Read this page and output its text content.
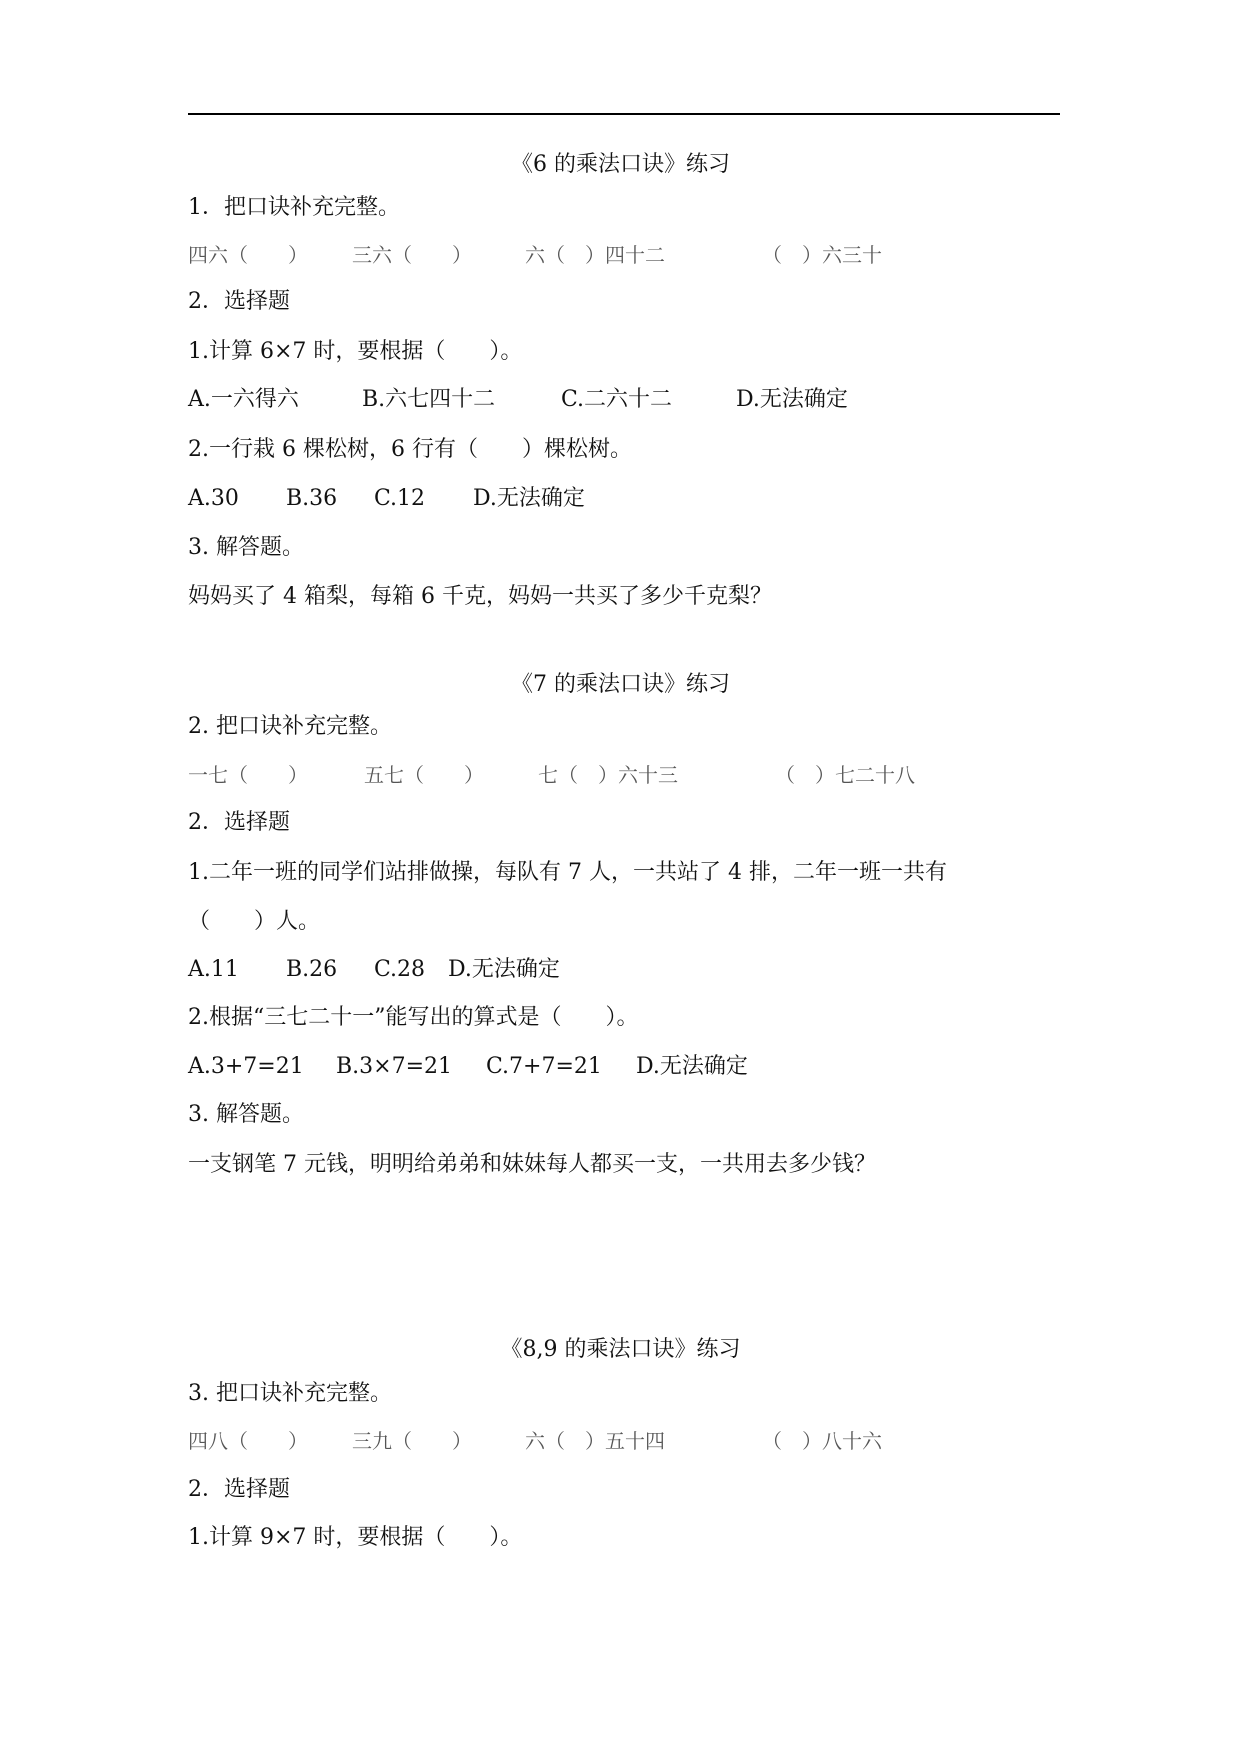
《6 的乘法口诀》练习
1．把口诀补充完整。
四六（　　） 三六（　　）	六（　）四十二	（　）六三十
2．选择题
1.计算 6×7 时，要根据（　　）。
A.一六得六	B.六七四十二	C.二六十二	D.无法确定
2.一行栽 6 棵松树，6 行有（　　）棵松树。
A.30 B.36 C.12 D.无法确定
3. 解答题。
妈妈买了 4 箱梨，每箱 6 千克，妈妈一共买了多少千克梨？
《7 的乘法口诀》练习
2. 把口诀补充完整。
一七（　　）	五七（　　）	七（　）六十三	（　）七二十八
2．选择题
1.二年一班的同学们站排做操，每队有 7 人，一共站了 4 排，二年一班一共有
（　　）人。
A.11 B.26 C.28 D.无法确定
2.根据“三七二十一”能写出的算式是（　　）。
A.3+7=21 B.3×7=21 C.7+7=21 D.无法确定
3. 解答题。
一支钢笔 7 元钱，明明给弟弟和妹妹每人都买一支，一共用去多少钱？
《8,9 的乘法口诀》练习
3. 把口诀补充完整。
四八（　　） 三九（　　）	六（　）五十四	（　）八十六
2．选择题
1.计算 9×7 时，要根据（　　）。
